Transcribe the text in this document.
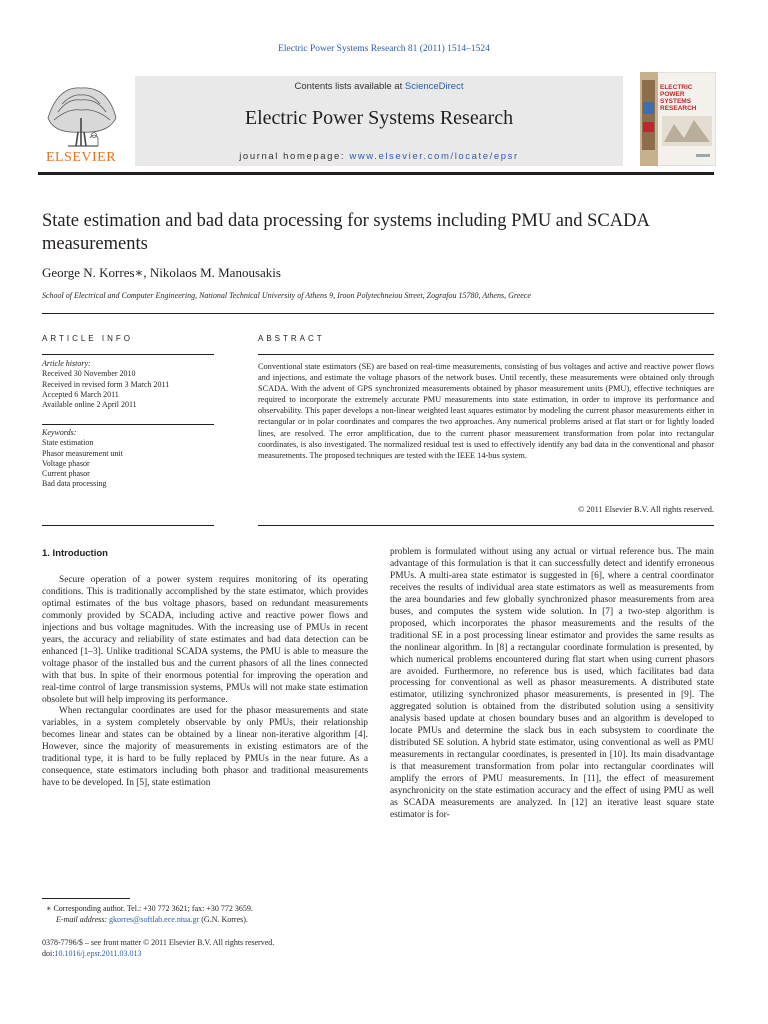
Electric Power Systems Research 81 (2011) 1514–1524
Contents lists available at ScienceDirect
Electric Power Systems Research
journal homepage: www.elsevier.com/locate/epsr
ELSEVIER
ELECTRIC POWER SYSTEMS RESEARCH
State estimation and bad data processing for systems including PMU and SCADA measurements
George N. Korres∗, Nikolaos M. Manousakis
School of Electrical and Computer Engineering, National Technical University of Athens 9, Iroon Polytechneiou Street, Zografou 15780, Athens, Greece
ARTICLE INFO
Article history:
Received 30 November 2010
Received in revised form 3 March 2011
Accepted 6 March 2011
Available online 2 April 2011
Keywords:
State estimation
Phasor measurement unit
Voltage phasor
Current phasor
Bad data processing
ABSTRACT
Conventional state estimators (SE) are based on real-time measurements, consisting of bus voltages and active and reactive power flows and injections, and estimate the voltage phasors of the network buses. Until recently, these measurements were obtained only through SCADA. With the advent of GPS synchronized measurements obtained by phasor measurement units (PMU), effective techniques are required to incorporate the extremely accurate PMU measurements into state estimation, in order to improve its performance and observability. This paper develops a non-linear weighted least squares estimator by modeling the current phasor measurements either in rectangular or in polar coordinates and compares the two approaches. Any numerical problems arised at flat start or for lightly loaded lines, are resolved. The error amplification, due to the current phasor measurement transformation from polar into rectangular coordinates, is also investigated. The normalized residual test is used to effectively identify any bad data in the conventional and phasor measurements. The proposed techniques are tested with the IEEE 14-bus system.
© 2011 Elsevier B.V. All rights reserved.
1. Introduction

Secure operation of a power system requires monitoring of its operating conditions. This is traditionally accomplished by the state estimator, which provides optimal estimates of the bus voltage phasors, based on redundant measurements commonly provided by SCADA, including active and reactive power flows and injections and bus voltage magnitudes. With the increasing use of PMUs in recent years, the accuracy and reliability of state estimates and bad data detection can be enhanced [1–3]. Unlike traditional SCADA systems, the PMU is able to measure the voltage phasor of the installed bus and the current phasors of all the lines connected with that bus. In spite of their enormous potential for improving the operation and real-time control of large transmission systems, PMUs will not make state estimation obsolete but will help improving its performance.

When rectangular coordinates are used for the phasor measurements and state variables, in a system completely observable by only PMUs, their relationship becomes linear and states can be obtained by a linear non-iterative algorithm [4]. However, since the majority of measurements in existing estimators are of the traditional type, it is hard to be fully replaced by PMUs in the near future. As a consequence, state estimators including both phasor and traditional measurements have to be developed. In [5], state estimation

problem is formulated without using any actual or virtual reference bus. The main advantage of this formulation is that it can successfully detect and identify erroneous PMUs. A multi-area state estimator is suggested in [6], where a central coordinator receives the results of individual area state estimators as well as measurements from the area boundaries and few globally synchronized phasor measurements from area buses, and computes the system wide solution. In [7] a two-step algorithm is proposed, which incorporates the phasor measurements and the results of the traditional SE in a post processing linear estimator and provides the same results as the nonlinear algorithm. In [8] a rectangular coordinate formulation is presented, by which numerical problems encountered during flat start when using current phasors are avoided. Furthermore, no reference bus is used, which facilitates bad data processing for conventional as well as phasor measurements. A distributed state estimator, utilizing synchronized phasor measurements, is presented in [9]. The aggregated solution is obtained from the distributed solution using a sensitivity analysis based update at chosen boundary buses and an algorithm is developed to locate PMUs and determine the slack bus in each subsystem to coordinate the distributed SE solution. A hybrid state estimator, using conventional as well as PMU measurements in rectangular coordinates, is presented in [10]. Its main disadvantage is that measurement transformation from polar into rectangular coordinates will amplify the errors of PMU measurements. In [11], the effect of measurement asynchronicity on the state estimation accuracy and the effect of using PMU as well as SCADA measurements are analyzed. In [12] an iterative least square state estimator is for-

∗ Corresponding author. Tel.: +30 772 3621; fax: +30 772 3659.
E-mail address: gkorres@softlab.ece.ntua.gr (G.N. Korres).
0378-7796/$ – see front matter © 2011 Elsevier B.V. All rights reserved.
doi:10.1016/j.epsr.2011.03.013
